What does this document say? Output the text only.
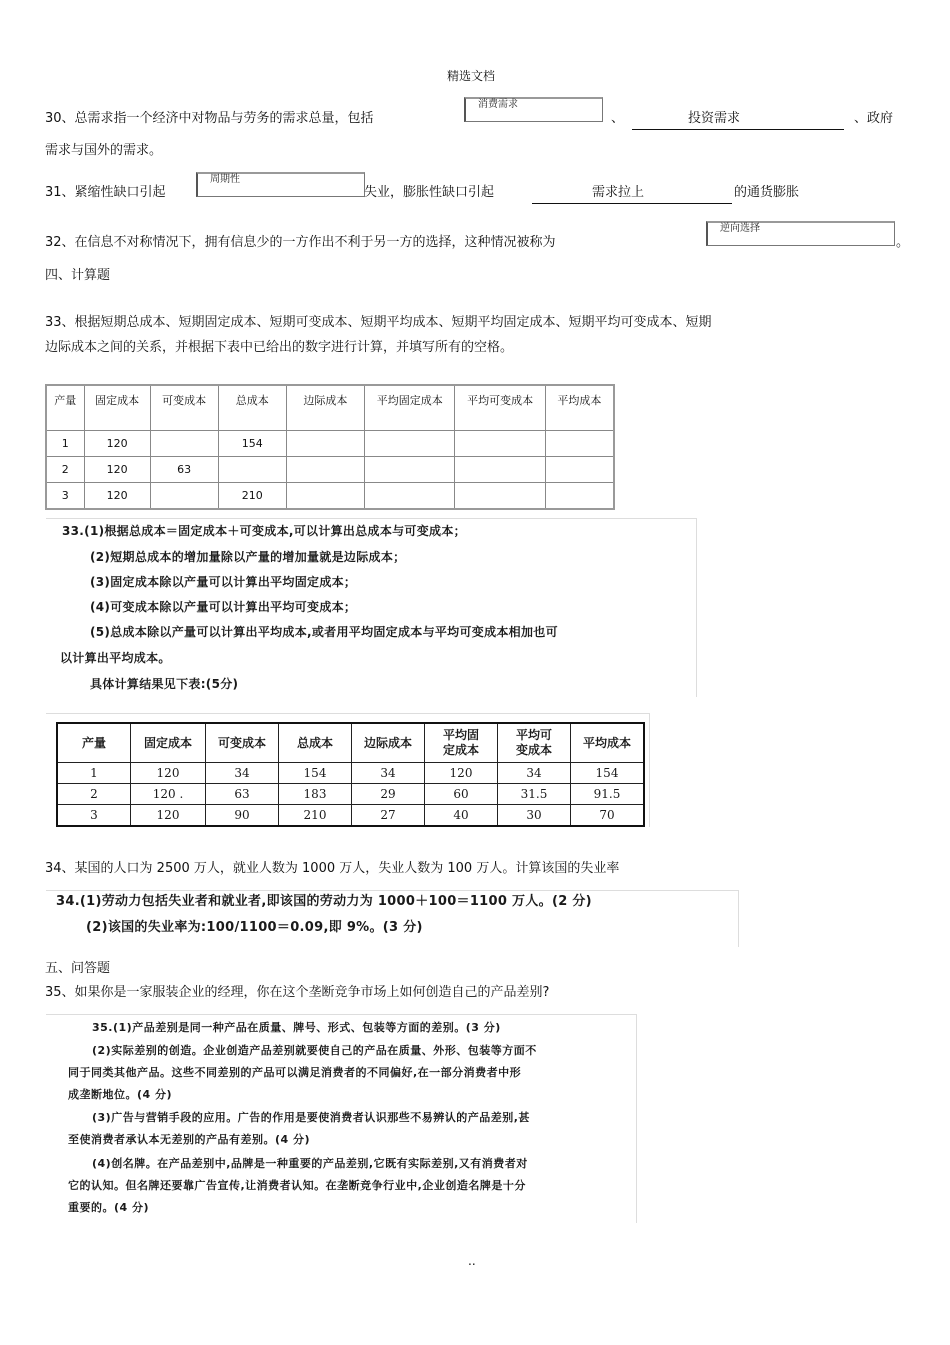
精选文档
30、总需求指一个经济中对物品与劳务的需求总量，包括
消费需求
、	投资需求
	、政府
需求与国外的需求。
31、紧缩性缺口引起
周期性
失业，膨胀性缺口引起	需求拉上
	的通货膨胀
32、在信息不对称情况下，拥有信息少的一方作出不利于另一方的选择，这种情况被称为
逆向选择
。
四、计算题
33、根据短期总成本、短期固定成本、短期可变成本、短期平均成本、短期平均固定成本、短期平均可变成本、短期
边际成本之间的关系，并根据下表中已给出的数字进行计算，并填写所有的空格。
产量	固定成本	可变成本	总成本	边际成本	平均固定成本	平均可变成本	平均成本
1	120		154				
2	120	63					
3	120		210				
33.(1)根据总成本＝固定成本＋可变成本,可以计算出总成本与可变成本；
(2)短期总成本的增加量除以产量的增加量就是边际成本；
(3)固定成本除以产量可以计算出平均固定成本；
(4)可变成本除以产量可以计算出平均可变成本；
(5)总成本除以产量可以计算出平均成本,或者用平均固定成本与平均可变成本相加也可
以计算出平均成本。
具体计算结果见下表:(5分)
产量	固定成本	可变成本	总成本	边际成本	平均固
定成本	平均可
变成本	平均成本
1	120	34	154	34	120	34	154
2	120 .	63	183	29	60	31.5	91.5
3	120	90	210	27	40	30	70
34、某国的人口为 2500 万人，就业人数为 1000 万人，失业人数为 100 万人。计算该国的失业率
34.(1)劳动力包括失业者和就业者,即该国的劳动力为 1000＋100＝1100 万人。(2 分)
(2)该国的失业率为:100/1100＝0.09,即 9%。(3 分)
五、问答题
35、如果你是一家服装企业的经理，你在这个垄断竞争市场上如何创造自己的产品差别?
35.(1)产品差别是同一种产品在质量、牌号、形式、包装等方面的差别。(3 分)
(2)实际差别的创造。企业创造产品差别就要使自己的产品在质量、外形、包装等方面不
同于同类其他产品。这些不同差别的产品可以满足消费者的不同偏好,在一部分消费者中形
成垄断地位。(4 分)
(3)广告与营销手段的应用。广告的作用是要使消费者认识那些不易辨认的产品差别,甚
至使消费者承认本无差别的产品有差别。(4 分)
(4)创名牌。在产品差别中,品牌是一种重要的产品差别,它既有实际差别,又有消费者对
它的认知。但名牌还要靠广告宣传,让消费者认知。在垄断竞争行业中,企业创造名牌是十分
重要的。(4 分)
..
